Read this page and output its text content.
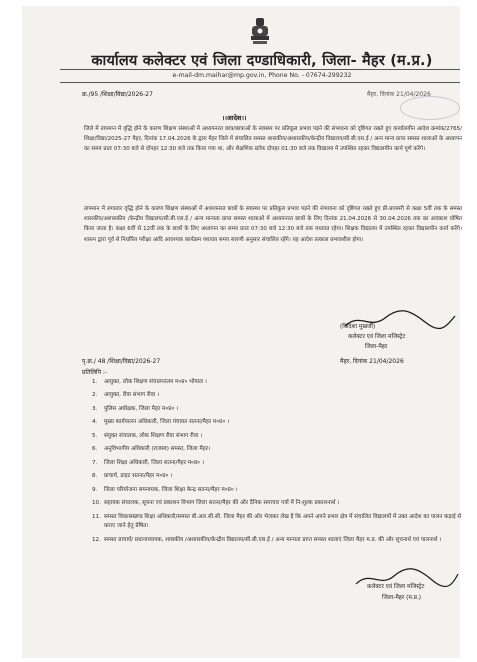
कार्यालय कलेक्टर एवं जिला दण्डाधिकारी, जिला- मैहर (म.प्र.)
e-mail-dm.maihar@mp.gov.in, Phone No. - 07674-299232
क्र./95 /शिक्षा/विद्या/2026-27	मैहर, दिनांक 21/04/2026
।।आदेश।।
जिले में तापमान में वृद्धि होने के कारण शिक्षण संस्थाओं में अध्ययनरत छात्र/छात्राओं के स्वास्थ्य पर प्रतिकूल प्रभाव पड़ने की संभावना को दृष्टिगत रखते हुए कार्यालयीन आदेश क्रमांक/2765/शिक्षा/विद्या/2025-27 मैहर, दिनांक 17.04.2026 के द्वारा मैहर जिले में संचालित समस्त शासकीय/अशासकीय/केन्द्रीय विद्यालय/सी.बी.एस.ई / अन्य मान्य प्राप्त समस्त शालाओं के अध्यापन का समय प्रातः 07:30 बजे से दोपहर 12:30 बजे तक किया गया था, और शैक्षणिक स्टॉफ दोपहर 01:30 बजे तक विद्यालय में उपस्थित रहकर विद्यालयीन कार्य पूर्ण करेंगे।
तापमान में लगातार वृद्धि होने के कारण शिक्षण संस्थाओं में अध्ययनरत छात्रों के स्वास्थ्य पर प्रतिकूल प्रभाव पड़ने की संभावना को दृष्टिगत रखते हुए प्री-प्रायमरी से कक्षा 5वीं तक के समस्त शासकीय/अशासकीय /केन्द्रीय विद्यालय/सी.बी.एस.ई / अन्य मान्यता प्राप्त समस्त शालाओं में अध्ययनरत छात्रों के लिए दिनांक 21.04.2026 से 30.04.2026 तक का अवकाश घोषित किया जाता है। कक्षा 6वीं से 12वीं तक के छात्रों के लिए अध्यापन का समय प्रातः 07:30 बजे 12:30 बजे तक यथावत रहेगा। शिक्षक विद्यालय में उपस्थित रहकर विद्यालयीन कार्य करेंगे। शासन द्वारा पूर्व से निर्धारित परीक्षा आदि आवश्यक कार्यक्रम यथावत समय सारणी अनुसार संचालित रहेंगे। यह आदेश तत्काल प्रभावशील होगा।
(विदिशा मुखर्जी)
कलेक्टर एवं जिला मजिस्ट्रेट
जिला-मैहर
पृ.क्र./ 48 /शिक्षा/विद्या/2026-27	मैहर, दिनांक 21/04/2026
प्रतिलिपि :-
1.	आयुक्त, लोक शिक्षण संचालनालय म०प्र० भोपाल ।
2.	आयुक्त, रीवा संभाग रीवा ।
3.	पुलिस अधीक्षक, जिला मैहर म०प्र० ।
4.	मुख्य कार्यपालन अधिकारी, जिला पंचायत सतना/मैहर म०प्र० ।
5.	संयुक्त संचालक, लोक शिक्षण रीवा संभाग रीवा ।
6.	अनुविभागीय अधिकारी (राजस्व) समस्त, जिला मैहर।
7.	जिला शिक्षा अधिकारी, जिला सतना/मैहर म०प्र० ।
8.	प्राचार्य, डाइट सतना/मैहर म०प्र० ।
9.	जिला परियोजना समन्वयक, जिला शिक्षा केन्द्र सतना/मैहर म०प्र० ।
10. सहायक संचालक, सूचना एवं प्रकाशन विभाग जिला सतना/मैहर की ओर दैनिक समाचार पत्रों में नि:शुल्क प्रकाशनार्थ ।
11. समस्त विकासखण्ड शिक्षा अधिकारी/समस्त बी.आर.सी.सी. जिला मैहर की ओर भेजकर लेख है कि अपने अपने प्रभार क्षेत्र में संचालित विद्यालयों में उक्त आदेश का पालन कड़ाई से कराए जाने हेतु प्रेषित।
12. समस्त प्राचार्य/ प्रधानाध्यापक, शासकीय /अशासकीय/केन्द्रीय विद्यालय/सी.बी.एस.ई / अन्य मान्यता प्राप्त समस्त शालाएं जिला मैहर म.प्र. की ओर सूचनार्थ एवं पालनार्थ ।
कलेक्टर एवं जिला मजिस्ट्रेट
जिला-मैहर (म.प्र.)
